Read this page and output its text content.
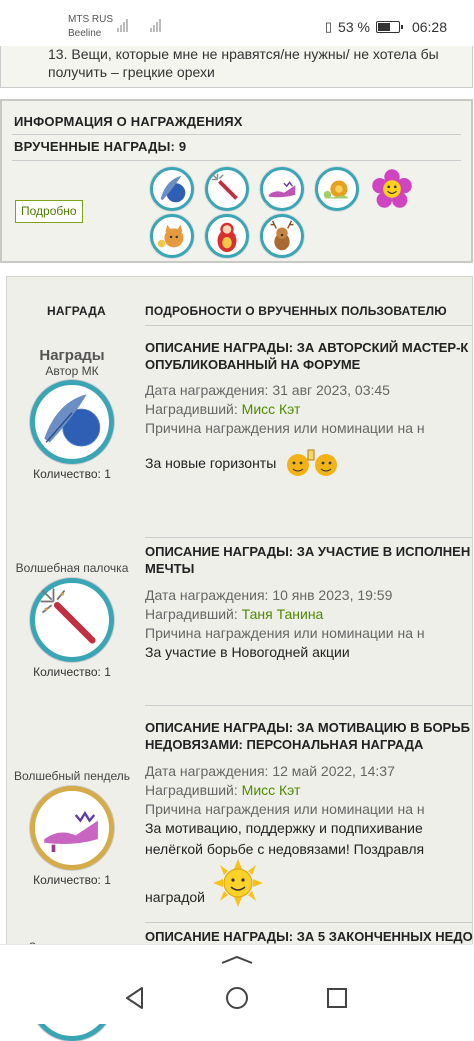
MTS RUS
Beeline	▯ 53 %	06:28
13. Вещи, которые мне не нравятся/не нужны/ не хотела бы получить – грецкие орехи
ИНФОРМАЦИЯ О НАГРАЖДЕНИЯХ
ВРУЧЕННЫЕ НАГРАДЫ: 9
Подробно
НАГРАДА	ПОДРОБНОСТИ О ВРУЧЕННЫХ ПОЛЬЗОВАТЕЛЮ
Награды
Автор МК
Количество: 1
ОПИСАНИЕ НАГРАДЫ: ЗА АВТОРСКИЙ МАСТЕР-К
ОПУБЛИКОВАННЫЙ НА ФОРУМЕ
Дата награждения: 31 авг 2023, 03:45
Наградивший: Мисс Кэт
Причина награждения или номинации на н
За новые горизонты
Волшебная палочка
Количество: 1
ОПИСАНИЕ НАГРАДЫ: ЗА УЧАСТИЕ В ИСПОЛНЕН
МЕЧТЫ
Дата награждения: 10 янв 2023, 19:59
Наградивший: Таня Танина
Причина награждения или номинации на н
За участие в Новогодней акции
Волшебный пендель
Количество: 1
ОПИСАНИЕ НАГРАДЫ: ЗА МОТИВАЦИЮ В БОРЬБ
НЕДОВЯЗАМИ: ПЕРСОНАЛЬНАЯ НАГРАДА
Дата награждения: 12 май 2022, 14:37
Наградивший: Мисс Кэт
Причина награждения или номинации на н
За мотивацию, поддержку и подпихивание
нелёгкой борьбе с недовязами! Поздравля
наградой
ОПИСАНИЕ НАГРАДЫ: ЗА 5 ЗАКОНЧЕННЫХ НЕДО
